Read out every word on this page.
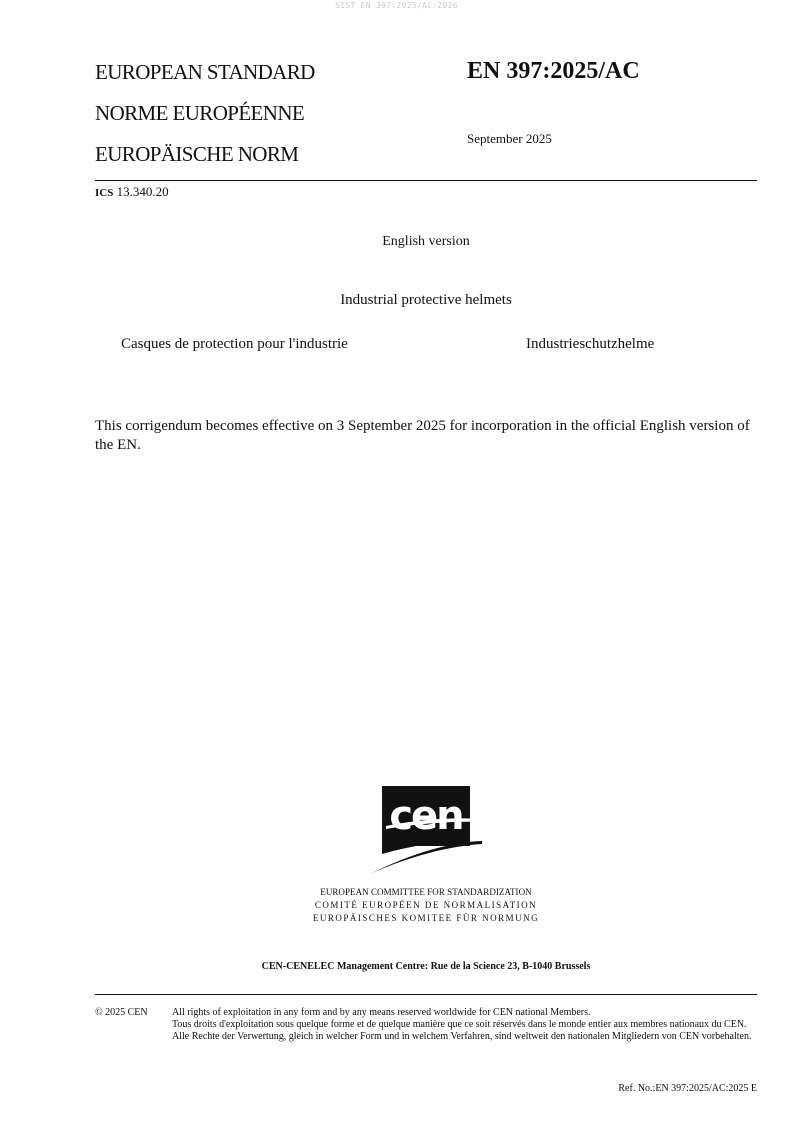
SIST EN 397:2025/AC:2026
EUROPEAN STANDARD
NORME EUROPÉENNE
EUROPÄISCHE NORM
EN 397:2025/AC
September 2025
ICS 13.340.20
English version
Industrial protective helmets
Casques de protection pour l'industrie	Industrieschutzhelme
This corrigendum becomes effective on 3 September 2025 for incorporation in the official English version of the EN.
cen
EUROPEAN COMMITTEE FOR STANDARDIZATION
COMITÉ EUROPÉEN DE NORMALISATION
EUROPÄISCHES KOMITEE FÜR NORMUNG
CEN-CENELEC Management Centre: Rue de la Science 23, B-1040 Brussels
© 2025 CEN All rights of exploitation in any form and by any means reserved worldwide for CEN national Members.
Tous droits d'exploitation sous quelque forme et de quelque manière que ce soit réservés dans le monde entier aux membres nationaux du CEN.
Alle Rechte der Verwertung, gleich in welcher Form und in welchem Verfahren, sind weltweit den nationalen Mitgliedern von CEN vorbehalten.
Ref. No.:EN 397:2025/AC:2025 E
